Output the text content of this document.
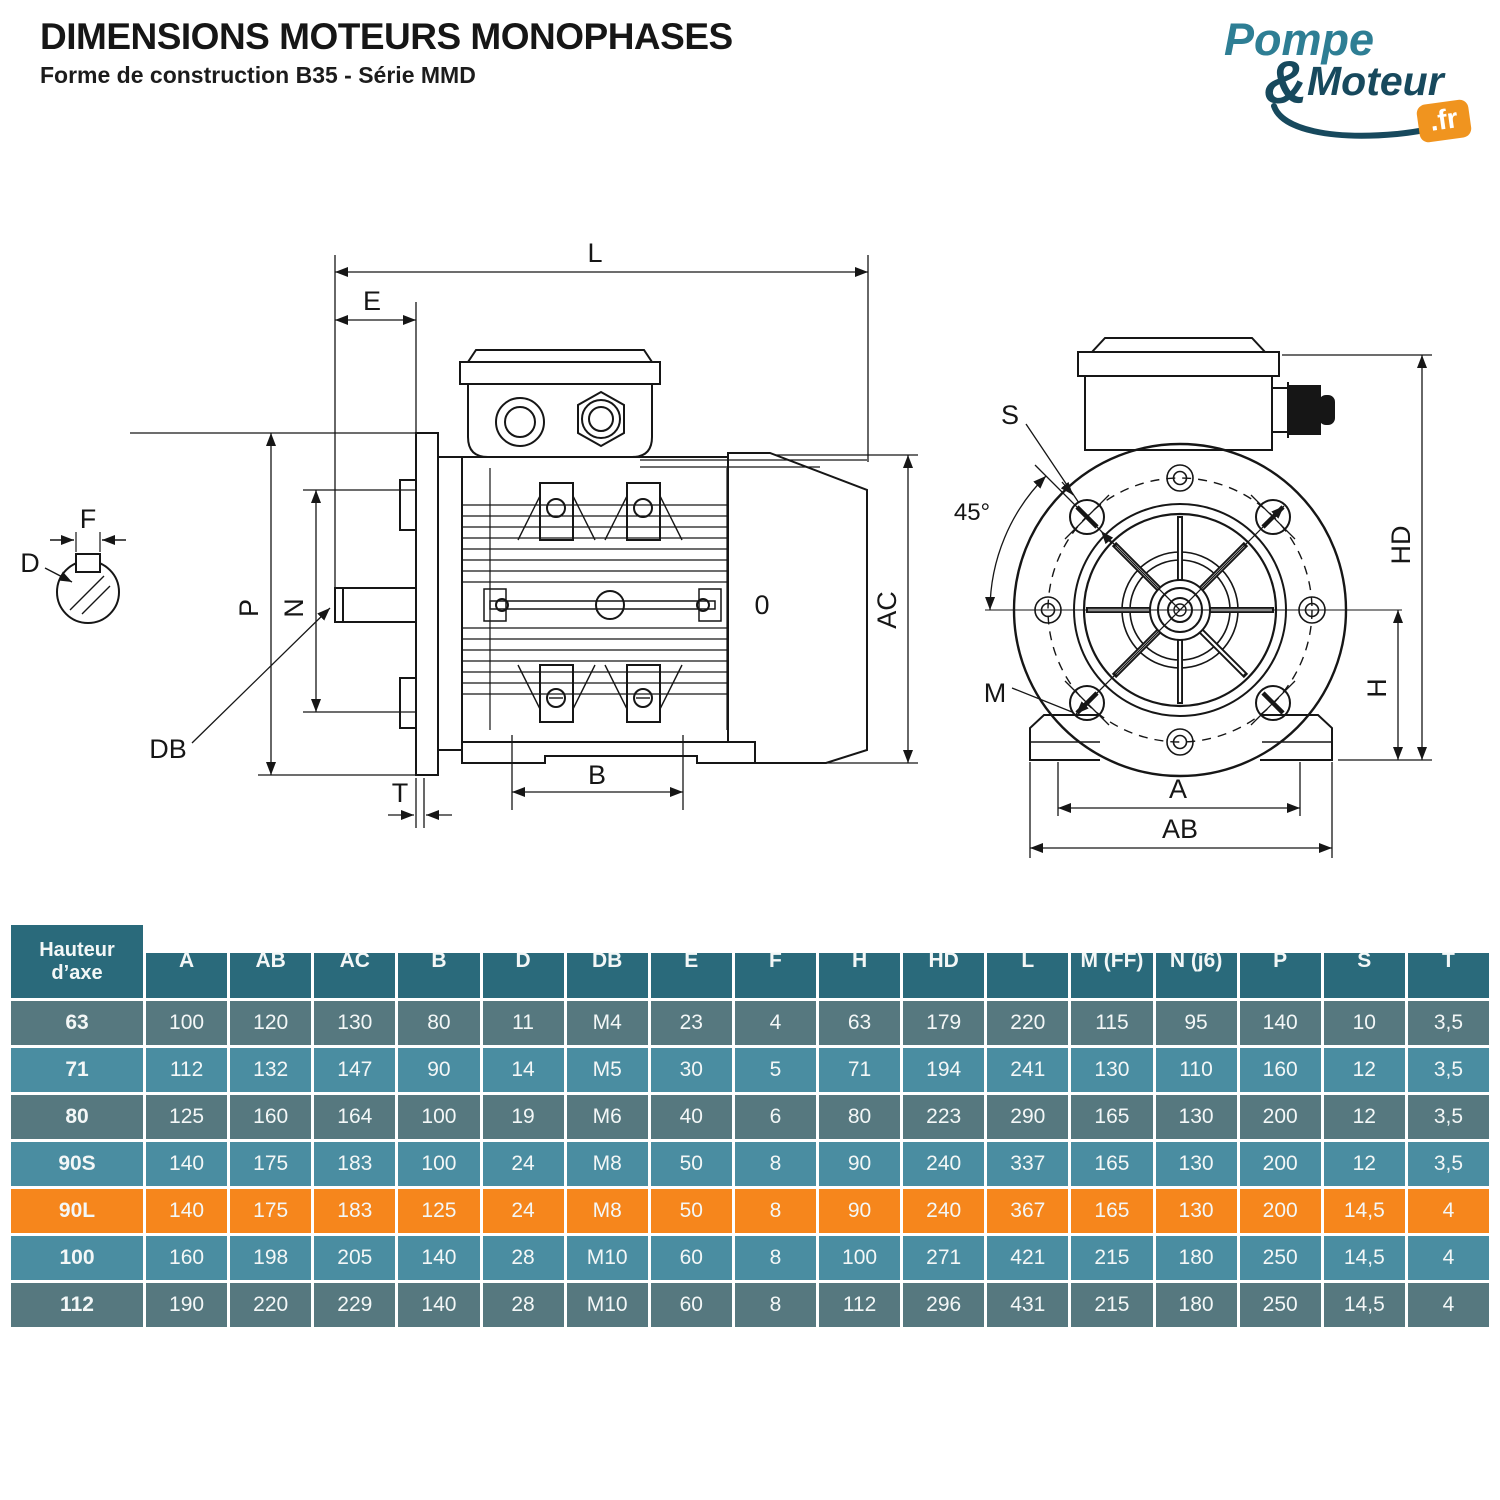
DIMENSIONS MOTEURS MONOPHASES
Forme de construction B35 - Série MMD
Pompe
& Moteur
.fr
L
E
F
D
P N
DB
T
B
AC
0
S
45°
M
HD
H
A
AB
Hauteur d’axe	A	AB	AC	B	D	DB	E	F	H	HD	L	M (FF)	N (j6)	P	S	T
63	100	120	130	80	11	M4	23	4	63	179	220	115	95	140	10	3,5
71	112	132	147	90	14	M5	30	5	71	194	241	130	110	160	12	3,5
80	125	160	164	100	19	M6	40	6	80	223	290	165	130	200	12	3,5
90S	140	175	183	100	24	M8	50	8	90	240	337	165	130	200	12	3,5
90L	140	175	183	125	24	M8	50	8	90	240	367	165	130	200	14,5	4
100	160	198	205	140	28	M10	60	8	100	271	421	215	180	250	14,5	4
112	190	220	229	140	28	M10	60	8	112	296	431	215	180	250	14,5	4
